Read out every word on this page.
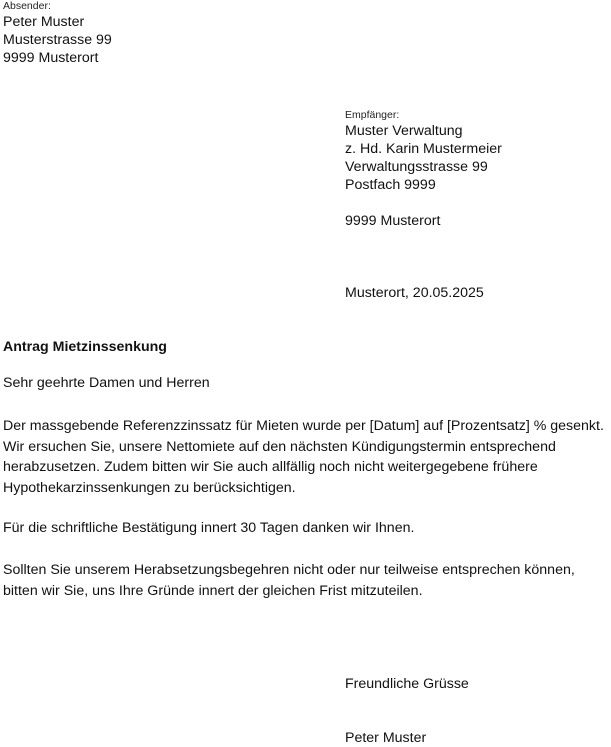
Absender:
Peter Muster
Musterstrasse 99
9999 Musterort
Empfänger:
Muster Verwaltung
z. Hd. Karin Mustermeier
Verwaltungsstrasse 99
Postfach 9999
9999 Musterort
Musterort, 20.05.2025
Antrag Mietzinssenkung
Sehr geehrte Damen und Herren

Der massgebende Referenzzinssatz für Mieten wurde per [Datum] auf [Prozentsatz] % gesenkt. Wir ersuchen Sie, unsere Nettomiete auf den nächsten Kündigungstermin entsprechend herabzusetzen. Zudem bitten wir Sie auch allfällig noch nicht weitergegebene frühere Hypothekarzinssenkungen zu berücksichtigen.

Für die schriftliche Bestätigung innert 30 Tagen danken wir Ihnen.

Sollten Sie unserem Herabsetzungsbegehren nicht oder nur teilweise entsprechen können, bitten wir Sie, uns Ihre Gründe innert der gleichen Frist mitzuteilen.

Freundliche Grüsse
Peter Muster
